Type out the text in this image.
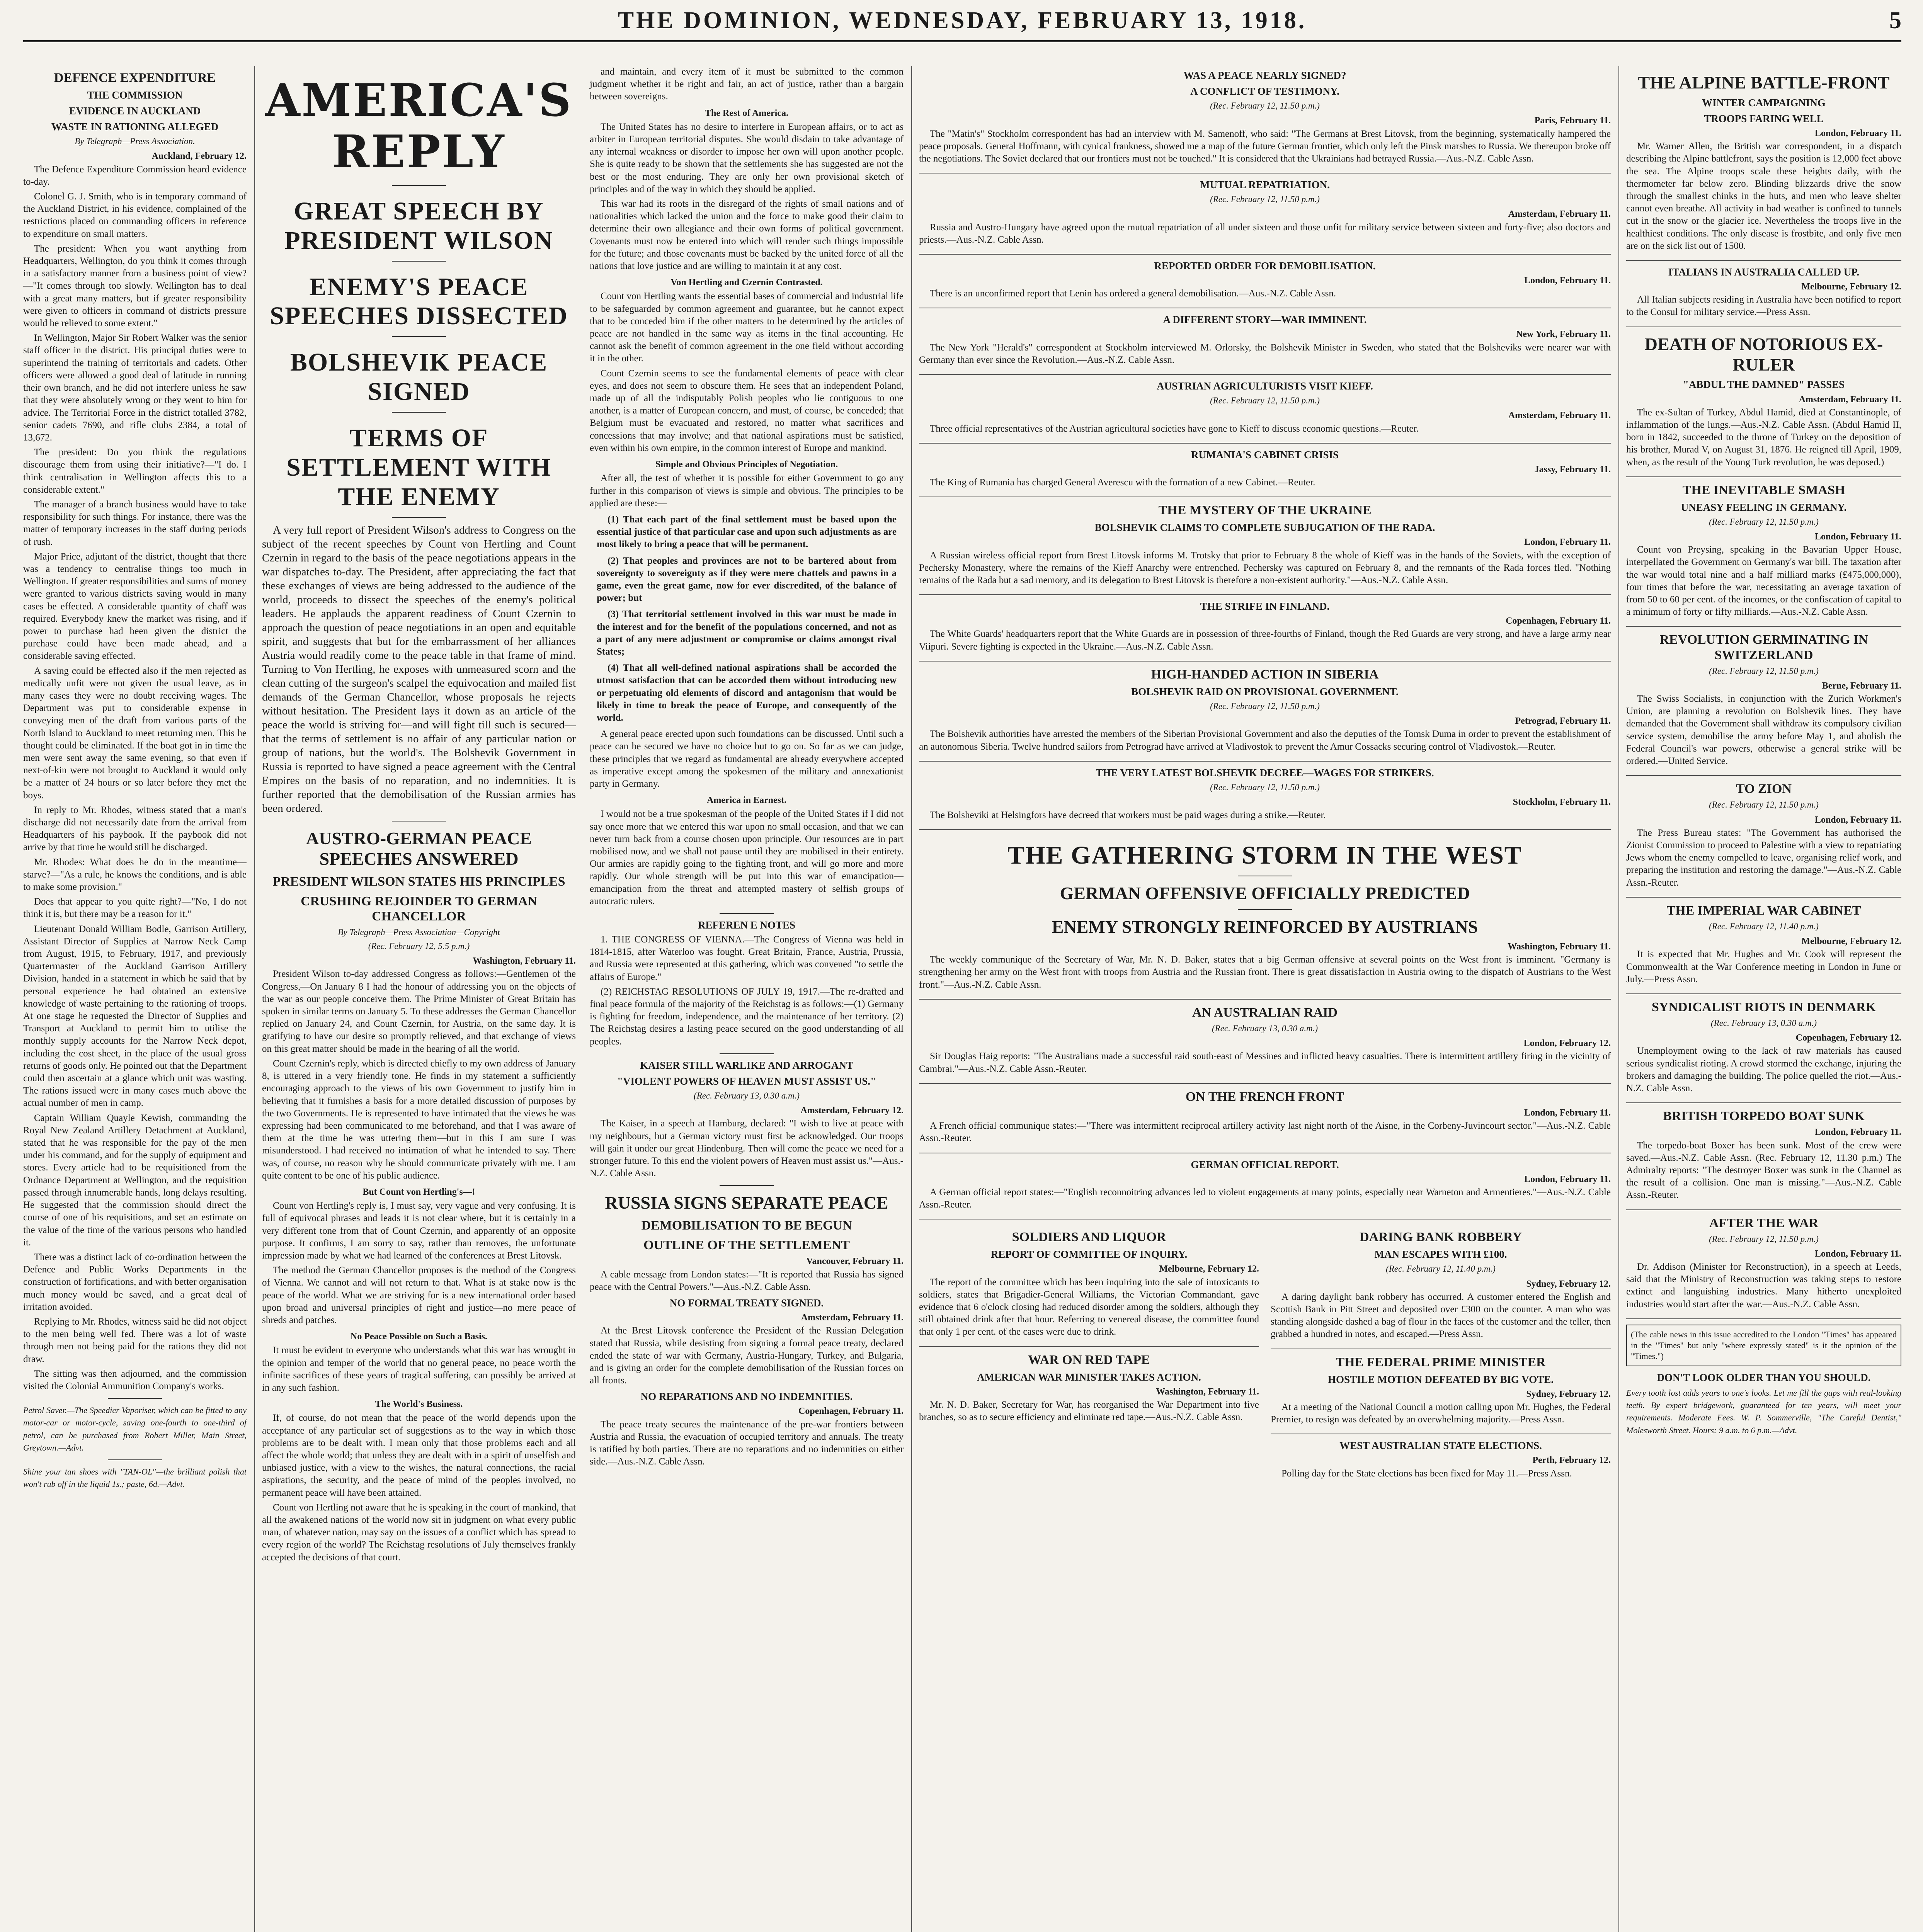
THE DOMINION, WEDNESDAY, FEBRUARY 13, 1918.	5
DEFENCE EXPENDITURE
THE COMMISSION
EVIDENCE IN AUCKLAND
WASTE IN RATIONING ALLEGED
By Telegraph—Press Association.
Auckland, February 12.

The Defence Expenditure Commission heard evidence to-day.

Colonel G. J. Smith, who is in temporary command of the Auckland District, in his evidence, complained of the restrictions placed on commanding officers in reference to expenditure on small matters.

The president: When you want anything from Headquarters, Wellington, do you think it comes through in a satisfactory manner from a business point of view?—"It comes through too slowly. Wellington has to deal with a great many matters, but if greater responsibility were given to officers in command of districts pressure would be relieved to some extent."

In Wellington, Major Sir Robert Walker was the senior staff officer in the district. His principal duties were to superintend the training of territorials and cadets. Other officers were allowed a good deal of latitude in running their own branch, and he did not interfere unless he saw that they were absolutely wrong or they went to him for advice. The Territorial Force in the district totalled 3782, senior cadets 7690, and rifle clubs 2384, a total of 13,672.

The president: Do you think the regulations discourage them from using their initiative?—"I do. I think centralisation in Wellington affects this to a considerable extent."

The manager of a branch business would have to take responsibility for such things. For instance, there was the matter of temporary increases in the staff during periods of rush.

Major Price, adjutant of the district, thought that there was a tendency to centralise things too much in Wellington. If greater responsibilities and sums of money were granted to various districts saving would in many cases be effected. A considerable quantity of chaff was required. Everybody knew the market was rising, and if power to purchase had been given the district the purchase could have been made ahead, and a considerable saving effected.

A saving could be effected also if the men rejected as medically unfit were not given the usual leave, as in many cases they were no doubt receiving wages. The Department was put to considerable expense in conveying men of the draft from various parts of the North Island to Auckland to meet returning men. This he thought could be eliminated. If the boat got in in time the men were sent away the same evening, so that even if next-of-kin were not brought to Auckland it would only be a matter of 24 hours or so later before they met the boys.

In reply to Mr. Rhodes, witness stated that a man's discharge did not necessarily date from the arrival from Headquarters of his paybook. If the paybook did not arrive by that time he would still be discharged.

Mr. Rhodes: What does he do in the meantime—starve?—"As a rule, he knows the conditions, and is able to make some provision."

Does that appear to you quite right?—"No, I do not think it is, but there may be a reason for it."

Lieutenant Donald William Bodle, Garrison Artillery, Assistant Director of Supplies at Narrow Neck Camp from August, 1915, to February, 1917, and previously Quartermaster of the Auckland Garrison Artillery Division, handed in a statement in which he said that by personal experience he had obtained an extensive knowledge of waste pertaining to the rationing of troops. At one stage he requested the Director of Supplies and Transport at Auckland to permit him to utilise the monthly supply accounts for the Narrow Neck depot, including the cost sheet, in the place of the usual gross returns of goods only. He pointed out that the Department could then ascertain at a glance which unit was wasting. The rations issued were in many cases much above the actual number of men in camp.

Captain William Quayle Kewish, commanding the Royal New Zealand Artillery Detachment at Auckland, stated that he was responsible for the pay of the men under his command, and for the supply of equipment and stores. Every article had to be requisitioned from the Ordnance Department at Wellington, and the requisition passed through innumerable hands, long delays resulting. He suggested that the commission should direct the course of one of his requisitions, and set an estimate on the value of the time of the various persons who handled it.

There was a distinct lack of co-ordination between the Defence and Public Works Departments in the construction of fortifications, and with better organisation much money would be saved, and a great deal of irritation avoided.

Replying to Mr. Rhodes, witness said he did not object to the men being well fed. There was a lot of waste through men not being paid for the rations they did not draw.

The sitting was then adjourned, and the commission visited the Colonial Ammunition Company's works.

Petrol Saver.—The Speedier Vaporiser, which can be fitted to any motor-car or motor-cycle, saving one-fourth to one-third of petrol, can be purchased from Robert Miller, Main Street, Greytown.—Advt.
Shine your tan shoes with "TAN-OL"—the brilliant polish that won't rub off in the liquid 1s.; paste, 6d.—Advt.
AMERICA'S REPLY
GREAT SPEECH BY PRESIDENT WILSON
ENEMY'S PEACE SPEECHES DISSECTED
BOLSHEVIK PEACE SIGNED
TERMS OF SETTLEMENT WITH THE ENEMY

A very full report of President Wilson's address to Congress on the subject of the recent speeches by Count von Hertling and Count Czernin in regard to the basis of the peace negotiations appears in the war dispatches to-day. The President, after appreciating the fact that these exchanges of views are being addressed to the audience of the world, proceeds to dissect the speeches of the enemy's political leaders. He applauds the apparent readiness of Count Czernin to approach the question of peace negotiations in an open and equitable spirit, and suggests that but for the embarrassment of her alliances Austria would readily come to the peace table in that frame of mind. Turning to Von Hertling, he exposes with unmeasured scorn and the clean cutting of the surgeon's scalpel the equivocation and mailed fist demands of the German Chancellor, whose proposals he rejects without hesitation. The President lays it down as an article of the peace the world is striving for—and will fight till such is secured—that the terms of settlement is no affair of any particular nation or group of nations, but the world's. The Bolshevik Government in Russia is reported to have signed a peace agreement with the Central Empires on the basis of no reparation, and no indemnities. It is further reported that the demobilisation of the Russian armies has been ordered.

AUSTRO-GERMAN PEACE SPEECHES ANSWERED
PRESIDENT WILSON STATES HIS PRINCIPLES
CRUSHING REJOINDER TO GERMAN CHANCELLOR
By Telegraph—Press Association—Copyright
(Rec. February 12, 5.5 p.m.)
Washington, February 11.

President Wilson to-day addressed Congress as follows:—Gentlemen of the Congress,—On January 8 I had the honour of addressing you on the objects of the war as our people conceive them. The Prime Minister of Great Britain has spoken in similar terms on January 5. To these addresses the German Chancellor replied on January 24, and Count Czernin, for Austria, on the same day. It is gratifying to have our desire so promptly relieved, and that exchange of views on this great matter should be made in the hearing of all the world.

Count Czernin's reply, which is directed chiefly to my own address of January 8, is uttered in a very friendly tone. He finds in my statement a sufficiently encouraging approach to the views of his own Government to justify him in believing that it furnishes a basis for a more detailed discussion of purposes by the two Governments. He is represented to have intimated that the views he was expressing had been communicated to me beforehand, and that I was aware of them at the time he was uttering them—but in this I am sure I was misunderstood. I had received no intimation of what he intended to say. There was, of course, no reason why he should communicate privately with me. I am quite content to be one of his public audience.

But Count von Hertling's—!

Count von Hertling's reply is, I must say, very vague and very confusing. It is full of equivocal phrases and leads it is not clear where, but it is certainly in a very different tone from that of Count Czernin, and apparently of an opposite purpose. It confirms, I am sorry to say, rather than removes, the unfortunate impression made by what we had learned of the conferences at Brest Litovsk.

The method the German Chancellor proposes is the method of the Congress of Vienna. We cannot and will not return to that. What is at stake now is the peace of the world. What we are striving for is a new international order based upon broad and universal principles of right and justice—no mere peace of shreds and patches.

No Peace Possible on Such a Basis.

It must be evident to everyone who understands what this war has wrought in the opinion and temper of the world that no general peace, no peace worth the infinite sacrifices of these years of tragical suffering, can possibly be arrived at in any such fashion.

The World's Business.

If, of course, do not mean that the peace of the world depends upon the acceptance of any particular set of suggestions as to the way in which those problems are to be dealt with. I mean only that those problems each and all affect the whole world; that unless they are dealt with in a spirit of unselfish and unbiased justice, with a view to the wishes, the natural connections, the racial aspirations, the security, and the peace of mind of the peoples involved, no permanent peace will have been attained.

Count von Hertling not aware that he is speaking in the court of mankind, that all the awakened nations of the world now sit in judgment on what every public man, of whatever nation, may say on the issues of a conflict which has spread to every region of the world? The Reichstag resolutions of July themselves frankly accepted the decisions of that court.

and maintain, and every item of it must be submitted to the common judgment whether it be right and fair, an act of justice, rather than a bargain between sovereigns.

The Rest of America.

The United States has no desire to interfere in European affairs, or to act as arbiter in European territorial disputes. She would disdain to take advantage of any internal weakness or disorder to impose her own will upon another people. She is quite ready to be shown that the settlements she has suggested are not the best or the most enduring. They are only her own provisional sketch of principles and of the way in which they should be applied.

This war had its roots in the disregard of the rights of small nations and of nationalities which lacked the union and the force to make good their claim to determine their own allegiance and their own forms of political government. Covenants must now be entered into which will render such things impossible for the future; and those covenants must be backed by the united force of all the nations that love justice and are willing to maintain it at any cost.

Von Hertling and Czernin Contrasted.

Count von Hertling wants the essential bases of commercial and industrial life to be safeguarded by common agreement and guarantee, but he cannot expect that to be conceded him if the other matters to be determined by the articles of peace are not handled in the same way as items in the final accounting. He cannot ask the benefit of common agreement in the one field without according it in the other.

Count Czernin seems to see the fundamental elements of peace with clear eyes, and does not seem to obscure them. He sees that an independent Poland, made up of all the indisputably Polish peoples who lie contiguous to one another, is a matter of European concern, and must, of course, be conceded; that Belgium must be evacuated and restored, no matter what sacrifices and concessions that may involve; and that national aspirations must be satisfied, even within his own empire, in the common interest of Europe and mankind.

Simple and Obvious Principles of Negotiation.

After all, the test of whether it is possible for either Government to go any further in this comparison of views is simple and obvious. The principles to be applied are these:—

(1) That each part of the final settlement must be based upon the essential justice of that particular case and upon such adjustments as are most likely to bring a peace that will be permanent.

(2) That peoples and provinces are not to be bartered about from sovereignty to sovereignty as if they were mere chattels and pawns in a game, even the great game, now for ever discredited, of the balance of power; but

(3) That territorial settlement involved in this war must be made in the interest and for the benefit of the populations concerned, and not as a part of any mere adjustment or compromise or claims amongst rival States;

(4) That all well-defined national aspirations shall be accorded the utmost satisfaction that can be accorded them without introducing new or perpetuating old elements of discord and antagonism that would be likely in time to break the peace of Europe, and consequently of the world.

A general peace erected upon such foundations can be discussed. Until such a peace can be secured we have no choice but to go on. So far as we can judge, these principles that we regard as fundamental are already everywhere accepted as imperative except among the spokesmen of the military and annexationist party in Germany.

America in Earnest.

I would not be a true spokesman of the people of the United States if I did not say once more that we entered this war upon no small occasion, and that we can never turn back from a course chosen upon principle. Our resources are in part mobilised now, and we shall not pause until they are mobilised in their entirety. Our armies are rapidly going to the fighting front, and will go more and more rapidly. Our whole strength will be put into this war of emancipation—emancipation from the threat and attempted mastery of selfish groups of autocratic rulers.

REFEREN E NOTES

1. THE CONGRESS OF VIENNA.—The Congress of Vienna was held in 1814-1815, after Waterloo was fought. Great Britain, France, Austria, Prussia, and Russia were represented at this gathering, which was convened "to settle the affairs of Europe."

(2) REICHSTAG RESOLUTIONS OF JULY 19, 1917.—The re-drafted and final peace formula of the majority of the Reichstag is as follows:—(1) Germany is fighting for freedom, independence, and the maintenance of her territory. (2) The Reichstag desires a lasting peace secured on the good understanding of all peoples.

KAISER STILL WARLIKE AND ARROGANT
"VIOLENT POWERS OF HEAVEN MUST ASSIST US."
(Rec. February 13, 0.30 a.m.)
Amsterdam, February 12.

The Kaiser, in a speech at Hamburg, declared: "I wish to live at peace with my neighbours, but a German victory must first be acknowledged. Our troops will gain it under our great Hindenburg. Then will come the peace we need for a stronger future. To this end the violent powers of Heaven must assist us."—Aus.-N.Z. Cable Assn.

RUSSIA SIGNS SEPARATE PEACE
DEMOBILISATION TO BE BEGUN
OUTLINE OF THE SETTLEMENT
Vancouver, February 11.

A cable message from London states:—"It is reported that Russia has signed peace with the Central Powers."—Aus.-N.Z. Cable Assn.

NO FORMAL TREATY SIGNED.
Amsterdam, February 11.

At the Brest Litovsk conference the President of the Russian Delegation stated that Russia, while desisting from signing a formal peace treaty, declared ended the state of war with Germany, Austria-Hungary, Turkey, and Bulgaria, and is giving an order for the complete demobilisation of the Russian forces on all fronts.

NO REPARATIONS AND NO INDEMNITIES.
Copenhagen, February 11.

The peace treaty secures the maintenance of the pre-war frontiers between Austria and Russia, the evacuation of occupied territory and annuals. The treaty is ratified by both parties. There are no reparations and no indemnities on either side.—Aus.-N.Z. Cable Assn.

WAS A PEACE NEARLY SIGNED?
A CONFLICT OF TESTIMONY.
(Rec. February 12, 11.50 p.m.)
Paris, February 11.

The "Matin's" Stockholm correspondent has had an interview with M. Samenoff, who said: "The Germans at Brest Litovsk, from the beginning, systematically hampered the peace proposals. General Hoffmann, with cynical frankness, showed me a map of the future German frontier, which only left the Pinsk marshes to Russia. We thereupon broke off the negotiations. The Soviet declared that our frontiers must not be touched." It is considered that the Ukrainians had betrayed Russia.—Aus.-N.Z. Cable Assn.

MUTUAL REPATRIATION.
(Rec. February 12, 11.50 p.m.)
Amsterdam, February 11.

Russia and Austro-Hungary have agreed upon the mutual repatriation of all under sixteen and those unfit for military service between sixteen and forty-five; also doctors and priests.—Aus.-N.Z. Cable Assn.

REPORTED ORDER FOR DEMOBILISATION.
London, February 11.

There is an unconfirmed report that Lenin has ordered a general demobilisation.—Aus.-N.Z. Cable Assn.

A DIFFERENT STORY—WAR IMMINENT.
New York, February 11.

The New York "Herald's" correspondent at Stockholm interviewed M. Orlorsky, the Bolshevik Minister in Sweden, who stated that the Bolsheviks were nearer war with Germany than ever since the Revolution.—Aus.-N.Z. Cable Assn.

AUSTRIAN AGRICULTURISTS VISIT KIEFF.
(Rec. February 12, 11.50 p.m.)
Amsterdam, February 11.

Three official representatives of the Austrian agricultural societies have gone to Kieff to discuss economic questions.—Reuter.

RUMANIA'S CABINET CRISIS
Jassy, February 11.

The King of Rumania has charged General Averescu with the formation of a new Cabinet.—Reuter.

THE MYSTERY OF THE UKRAINE
BOLSHEVIK CLAIMS TO COMPLETE SUBJUGATION OF THE RADA.
London, February 11.

A Russian wireless official report from Brest Litovsk informs M. Trotsky that prior to February 8 the whole of Kieff was in the hands of the Soviets, with the exception of Pechersky Monastery, where the remains of the Kieff Anarchy were entrenched. Pechersky was captured on February 8, and the remnants of the Rada forces fled. "Nothing remains of the Rada but a sad memory, and its delegation to Brest Litovsk is therefore a non-existent authority."—Aus.-N.Z. Cable Assn.

THE STRIFE IN FINLAND.
Copenhagen, February 11.

The White Guards' headquarters report that the White Guards are in possession of three-fourths of Finland, though the Red Guards are very strong, and have a large army near Viipuri. Severe fighting is expected in the Ukraine.—Aus.-N.Z. Cable Assn.

HIGH-HANDED ACTION IN SIBERIA
BOLSHEVIK RAID ON PROVISIONAL GOVERNMENT.
(Rec. February 12, 11.50 p.m.)
Petrograd, February 11.

The Bolshevik authorities have arrested the members of the Siberian Provisional Government and also the deputies of the Tomsk Duma in order to prevent the establishment of an autonomous Siberia. Twelve hundred sailors from Petrograd have arrived at Vladivostok to prevent the Amur Cossacks securing control of Vladivostok.—Reuter.

THE VERY LATEST BOLSHEVIK DECREE—WAGES FOR STRIKERS.
(Rec. February 12, 11.50 p.m.)
Stockholm, February 11.

The Bolsheviki at Helsingfors have decreed that workers must be paid wages during a strike.—Reuter.

THE GATHERING STORM IN THE WEST
GERMAN OFFENSIVE OFFICIALLY PREDICTED
ENEMY STRONGLY REINFORCED BY AUSTRIANS
Washington, February 11.

The weekly communique of the Secretary of War, Mr. N. D. Baker, states that a big German offensive at several points on the West front is imminent. "Germany is strengthening her army on the West front with troops from Austria and the Russian front. There is great dissatisfaction in Austria owing to the dispatch of Austrians to the West front."—Aus.-N.Z. Cable Assn.

AN AUSTRALIAN RAID
(Rec. February 13, 0.30 a.m.)
London, February 12.

Sir Douglas Haig reports: "The Australians made a successful raid south-east of Messines and inflicted heavy casualties. There is intermittent artillery firing in the vicinity of Cambrai."—Aus.-N.Z. Cable Assn.-Reuter.

ON THE FRENCH FRONT
London, February 11.

A French official communique states:—"There was intermittent reciprocal artillery activity last night north of the Aisne, in the Corbeny-Juvincourt sector."—Aus.-N.Z. Cable Assn.-Reuter.

GERMAN OFFICIAL REPORT.
London, February 11.

A German official report states:—"English reconnoitring advances led to violent engagements at many points, especially near Warneton and Armentieres."—Aus.-N.Z. Cable Assn.-Reuter.

SOLDIERS AND LIQUOR
REPORT OF COMMITTEE OF INQUIRY.
Melbourne, February 12.

The report of the committee which has been inquiring into the sale of intoxicants to soldiers, states that Brigadier-General Williams, the Victorian Commandant, gave evidence that 6 o'clock closing had reduced disorder among the soldiers, although they still obtained drink after that hour. Referring to venereal disease, the committee found that only 1 per cent. of the cases were due to drink.

WAR ON RED TAPE
AMERICAN WAR MINISTER TAKES ACTION.
Washington, February 11.

Mr. N. D. Baker, Secretary for War, has reorganised the War Department into five branches, so as to secure efficiency and eliminate red tape.—Aus.-N.Z. Cable Assn.

DARING BANK ROBBERY
MAN ESCAPES WITH £100.
(Rec. February 12, 11.40 p.m.)
Sydney, February 12.

A daring daylight bank robbery has occurred. A customer entered the English and Scottish Bank in Pitt Street and deposited over £300 on the counter. A man who was standing alongside dashed a bag of flour in the faces of the customer and the teller, then grabbed a hundred in notes, and escaped.—Press Assn.

THE FEDERAL PRIME MINISTER
HOSTILE MOTION DEFEATED BY BIG VOTE.
Sydney, February 12.

At a meeting of the National Council a motion calling upon Mr. Hughes, the Federal Premier, to resign was defeated by an overwhelming majority.—Press Assn.

WEST AUSTRALIAN STATE ELECTIONS.
Perth, February 12.

Polling day for the State elections has been fixed for May 11.—Press Assn.

THE ALPINE BATTLE-FRONT
WINTER CAMPAIGNING
TROOPS FARING WELL
London, February 11.

Mr. Warner Allen, the British war correspondent, in a dispatch describing the Alpine battlefront, says the position is 12,000 feet above the sea. The Alpine troops scale these heights daily, with the thermometer far below zero. Blinding blizzards drive the snow through the smallest chinks in the huts, and men who leave shelter cannot even breathe. All activity in bad weather is confined to tunnels cut in the snow or the glacier ice. Nevertheless the troops live in the healthiest conditions. The only disease is frostbite, and only five men are on the sick list out of 1500.

ITALIANS IN AUSTRALIA CALLED UP.
Melbourne, February 12.

All Italian subjects residing in Australia have been notified to report to the Consul for military service.—Press Assn.

DEATH OF NOTORIOUS EX-RULER
"ABDUL THE DAMNED" PASSES
Amsterdam, February 11.

The ex-Sultan of Turkey, Abdul Hamid, died at Constantinople, of inflammation of the lungs.—Aus.-N.Z. Cable Assn. (Abdul Hamid II, born in 1842, succeeded to the throne of Turkey on the deposition of his brother, Murad V, on August 31, 1876. He reigned till April, 1909, when, as the result of the Young Turk revolution, he was deposed.)

THE INEVITABLE SMASH
UNEASY FEELING IN GERMANY.
(Rec. February 12, 11.50 p.m.)
London, February 11.

Count von Preysing, speaking in the Bavarian Upper House, interpellated the Government on Germany's war bill. The taxation after the war would total nine and a half milliard marks (£475,000,000), four times that before the war, necessitating an average taxation of from 50 to 60 per cent. of the incomes, or the confiscation of capital to a minimum of forty or fifty milliards.—Aus.-N.Z. Cable Assn.

REVOLUTION GERMINATING IN SWITZERLAND
(Rec. February 12, 11.50 p.m.)
Berne, February 11.

The Swiss Socialists, in conjunction with the Zurich Workmen's Union, are planning a revolution on Bolshevik lines. They have demanded that the Government shall withdraw its compulsory civilian service system, demobilise the army before May 1, and abolish the Federal Council's war powers, otherwise a general strike will be ordered.—United Service.

TO ZION
(Rec. February 12, 11.50 p.m.)
London, February 11.

The Press Bureau states: "The Government has authorised the Zionist Commission to proceed to Palestine with a view to repatriating Jews whom the enemy compelled to leave, organising relief work, and preparing the institution and restoring the damage."—Aus.-N.Z. Cable Assn.-Reuter.

THE IMPERIAL WAR CABINET
(Rec. February 12, 11.40 p.m.)
Melbourne, February 12.

It is expected that Mr. Hughes and Mr. Cook will represent the Commonwealth at the War Conference meeting in London in June or July.—Press Assn.

SYNDICALIST RIOTS IN DENMARK
(Rec. February 13, 0.30 a.m.)
Copenhagen, February 12.

Unemployment owing to the lack of raw materials has caused serious syndicalist rioting. A crowd stormed the exchange, injuring the brokers and damaging the building. The police quelled the riot.—Aus.-N.Z. Cable Assn.

BRITISH TORPEDO BOAT SUNK
London, February 11.

The torpedo-boat Boxer has been sunk. Most of the crew were saved.—Aus.-N.Z. Cable Assn. (Rec. February 12, 11.30 p.m.) The Admiralty reports: "The destroyer Boxer was sunk in the Channel as the result of a collision. One man is missing."—Aus.-N.Z. Cable Assn.-Reuter.

AFTER THE WAR
(Rec. February 12, 11.50 p.m.)
London, February 11.

Dr. Addison (Minister for Reconstruction), in a speech at Leeds, said that the Ministry of Reconstruction was taking steps to restore extinct and languishing industries. Many hitherto unexploited industries would start after the war.—Aus.-N.Z. Cable Assn.

(The cable news in this issue accredited to the London "Times" has appeared in the "Times" but only "where expressly stated" is it the opinion of the "Times.")
DON'T LOOK OLDER THAN YOU SHOULD.
Every tooth lost adds years to one's looks. Let me fill the gaps with real-looking teeth. By expert bridgework, guaranteed for ten years, will meet your requirements. Moderate Fees. W. P. Sommerville, "The Careful Dentist," Molesworth Street. Hours: 9 a.m. to 6 p.m.—Advt.
